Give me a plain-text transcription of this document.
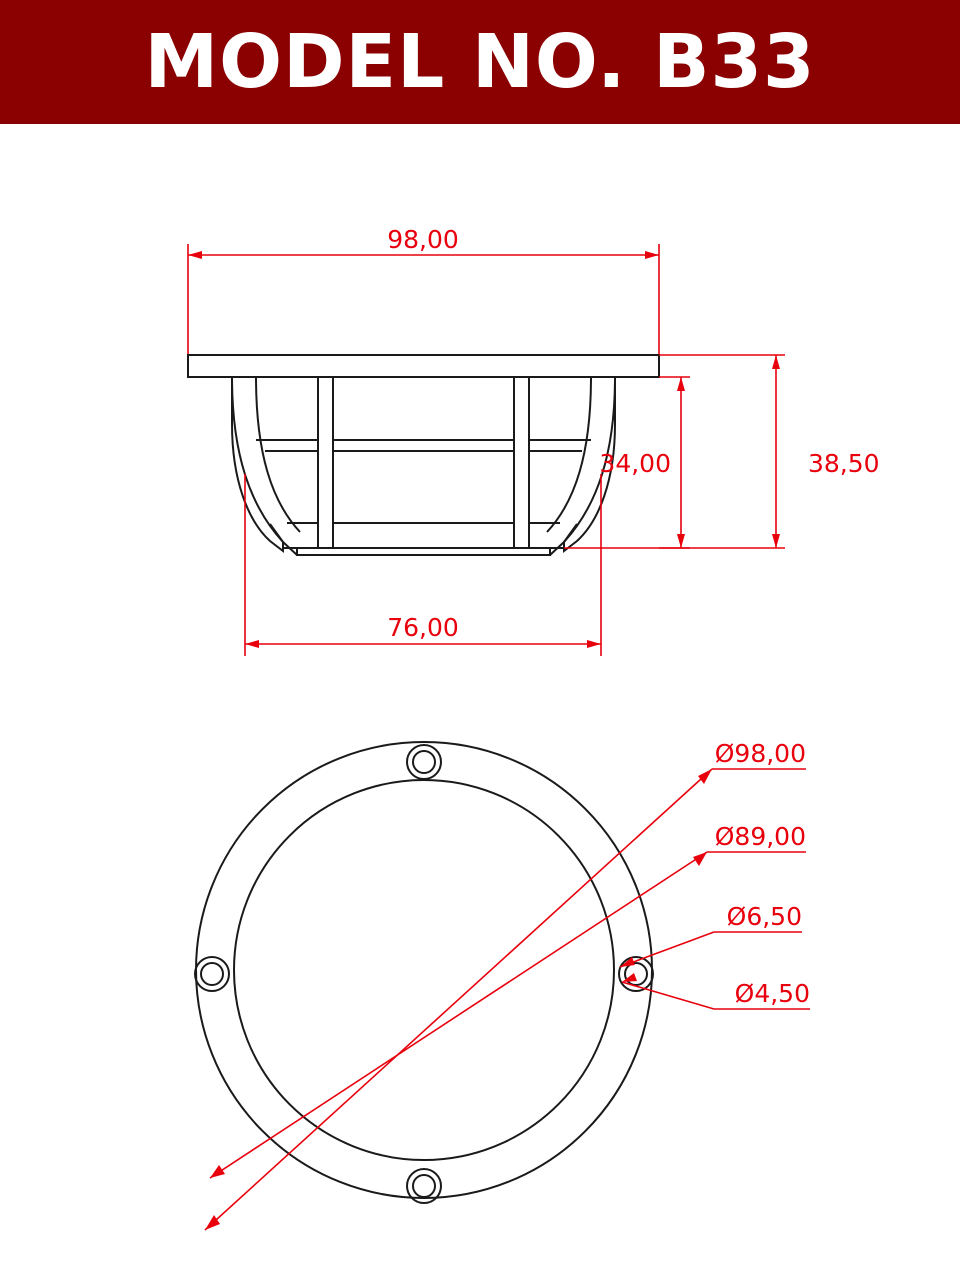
MODEL NO. B33
98,00
34,00	38,50
76,00
Ø98,00
Ø89,00
Ø6,50
Ø4,50
